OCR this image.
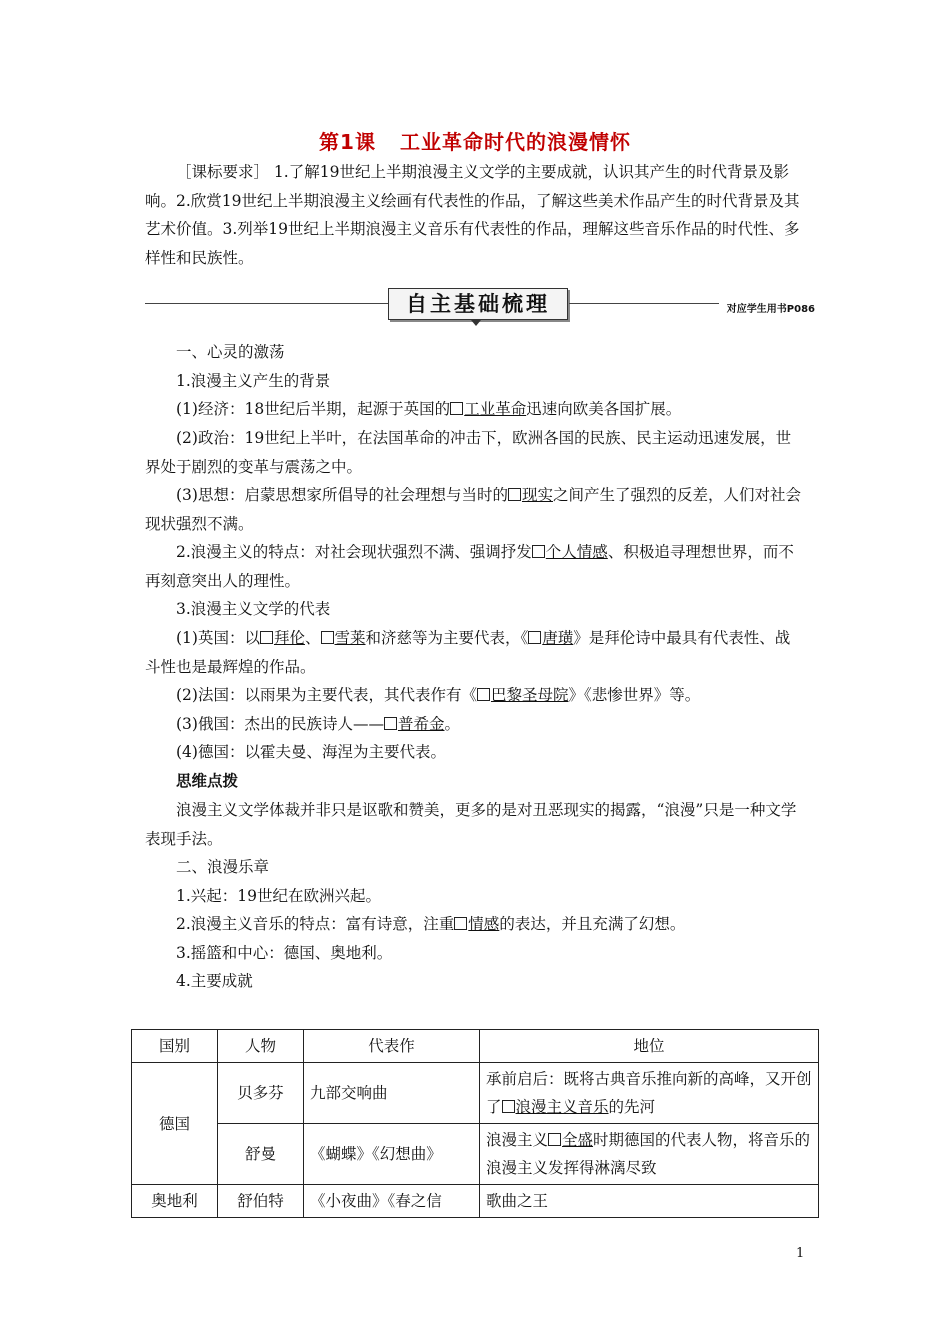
第1课 工业革命时代的浪漫情怀
［课标要求］ 1.了解19世纪上半期浪漫主义文学的主要成就，认识其产生的时代背景及影响。2.欣赏19世纪上半期浪漫主义绘画有代表性的作品，了解这些美术作品产生的时代背景及其艺术价值。3.列举19世纪上半期浪漫主义音乐有代表性的作品，理解这些音乐作品的时代性、多样性和民族性。
自主基础梳理	对应学生用书P086
一、心灵的激荡
1.浪漫主义产生的背景
(1)经济：18世纪后半期，起源于英国的 工业革命迅速向欧美各国扩展。
(2)政治：19世纪上半叶，在法国革命的冲击下，欧洲各国的民族、民主运动迅速发展，世界处于剧烈的变革与震荡之中。
(3)思想：启蒙思想家所倡导的社会理想与当时的 现实之间产生了强烈的反差，人们对社会现状强烈不满。
2.浪漫主义的特点：对社会现状强烈不满、强调抒发 个人情感、积极追寻理想世界，而不再刻意突出人的理性。
3.浪漫主义文学的代表
(1)英国：以 拜伦、 雪莱和济慈等为主要代表，《 唐璜》是拜伦诗中最具有代表性、战斗性也是最辉煌的作品。
(2)法国：以雨果为主要代表，其代表作有《 巴黎圣母院》《悲惨世界》等。
(3)俄国：杰出的民族诗人—— 普希金。
(4)德国：以霍夫曼、海涅为主要代表。
思维点拨
浪漫主义文学体裁并非只是讴歌和赞美，更多的是对丑恶现实的揭露，“浪漫”只是一种文学表现手法。
二、浪漫乐章
1.兴起：19世纪在欧洲兴起。
2.浪漫主义音乐的特点：富有诗意，注重 情感的表达，并且充满了幻想。
3.摇篮和中心：德国、奥地利。
4.主要成就
国别	人物	代表作	地位
德国	贝多芬	九部交响曲	承前启后：既将古典音乐推向新的高峰，又开创了 浪漫主义音乐的先河
	舒曼	《蝴蝶》《幻想曲》	浪漫主义 全盛时期德国的代表人物，将音乐的浪漫主义发挥得淋漓尽致
奥地利	舒伯特	《小夜曲》《春之信	歌曲之王
1
